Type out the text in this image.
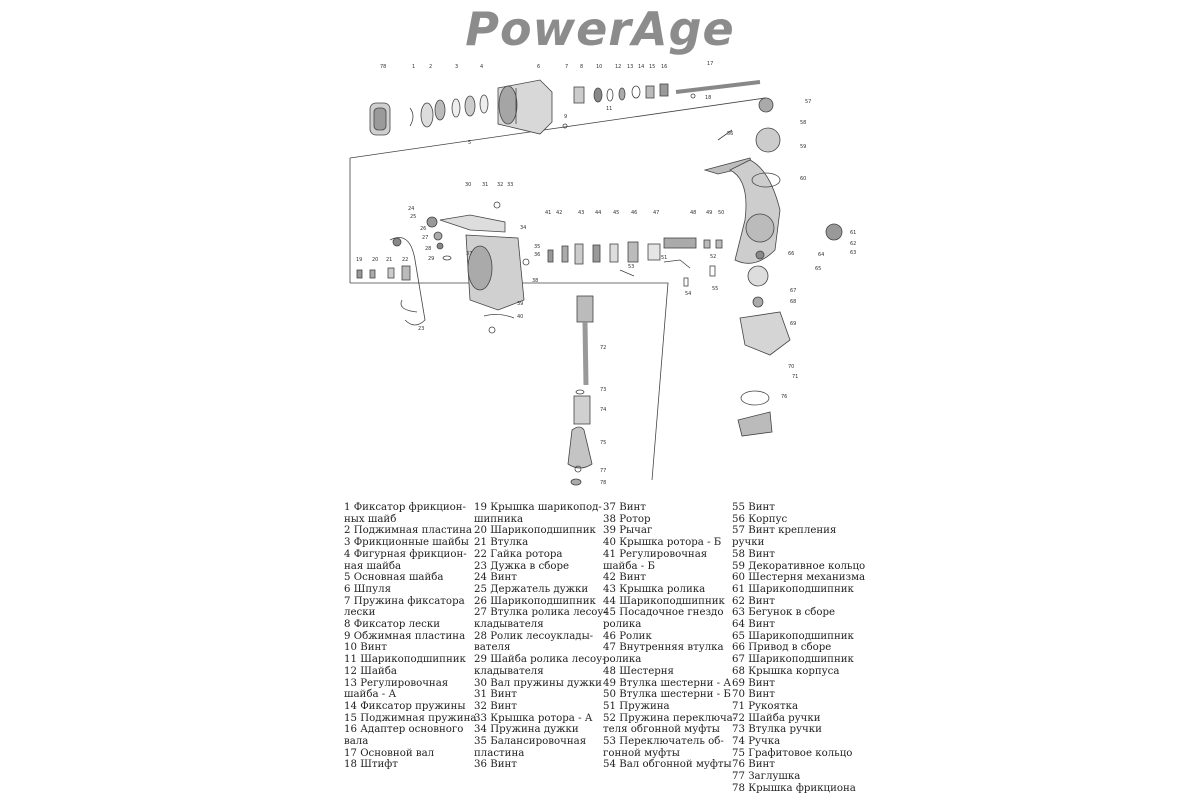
PowerAge
78	1	2	3	4
5
6	7 8
9
10
11
12 13 14 15 16	17
18
19 20 21 22
23
24
25
26
27
28
29
30 31 32 33
34
35
36
37
38
39
40
41 42	43 44 45 46	47	48 49 50
51	52
53
54
55
56
57
58
59
60
61
62
63
64
65
66
67
68
69
70
71
72
73
74
75
76
77
78
1 Фиксатор фрикцион-
ных шайб
2 Поджимная пластина
3 Фрикционные шайбы
4 Фигурная фрикцион-
ная шайба
5 Основная шайба
6 Шпуля
7 Пружина фиксатора
лески
8 Фиксатор лески
9 Обжимная пластина
10 Винт
11 Шарикоподшипник
12 Шайба
13 Регулировочная
шайба - А
14 Фиксатор пружины
15 Поджимная пружина
16 Адаптер основного
вала
17 Основной вал
18 Штифт
19 Крышка шарикопод-
шипника
20 Шарикоподшипник
21 Втулка
22 Гайка ротора
23 Дужка в сборе
24 Винт
25 Держатель дужки
26 Шарикоподшипник
27 Втулка ролика лесоу-
кладывателя
28 Ролик лесоуклады-
вателя
29 Шайба ролика лесоу-
кладывателя
30 Вал пружины дужки
31 Винт
32 Винт
33 Крышка ротора - А
34 Пружина дужки
35 Балансировочная
пластина
36 Винт
37 Винт
38 Ротор
39 Рычаг
40 Крышка ротора - Б
41 Регулировочная
шайба - Б
42 Винт
43 Крышка ролика
44 Шарикоподшипник
45 Посадочное гнездо
ролика
46 Ролик
47 Внутренняя втулка
ролика
48 Шестерня
49 Втулка шестерни - А
50 Втулка шестерни - Б
51 Пружина
52 Пружина переключа-
теля обгонной муфты
53 Переключатель об-
гонной муфты
54 Вал обгонной муфты
55 Винт
56 Корпус
57 Винт крепления
ручки
58 Винт
59 Декоративное кольцо
60 Шестерня механизма
61 Шарикоподшипник
62 Винт
63 Бегунок в сборе
64 Винт
65 Шарикоподшипник
66 Привод в сборе
67 Шарикоподшипник
68 Крышка корпуса
69 Винт
70 Винт
71 Рукоятка
72 Шайба ручки
73 Втулка ручки
74 Ручка
75 Графитовое кольцо
76 Винт
77 Заглушка
78 Крышка фрикциона
